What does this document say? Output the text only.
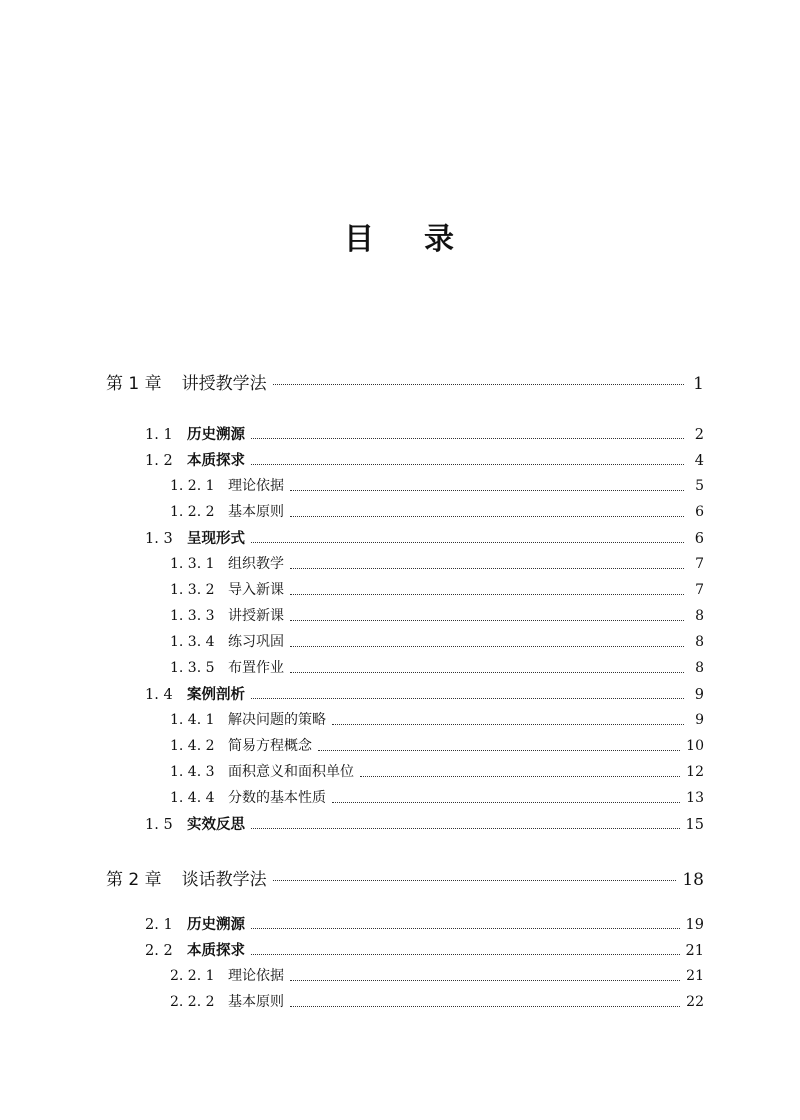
目 录
第 1 章 讲授教学法	1
1. 1 历史溯源	2
1. 2 本质探求	4
1. 2. 1 理论依据	5
1. 2. 2 基本原则	6
1. 3 呈现形式	6
1. 3. 1 组织教学	7
1. 3. 2 导入新课	7
1. 3. 3 讲授新课	8
1. 3. 4 练习巩固	8
1. 3. 5 布置作业	8
1. 4 案例剖析	9
1. 4. 1 解决问题的策略	9
1. 4. 2 简易方程概念	10
1. 4. 3 面积意义和面积单位	12
1. 4. 4 分数的基本性质	13
1. 5 实效反思	15
第 2 章 谈话教学法	18
2. 1 历史溯源	19
2. 2 本质探求	21
2. 2. 1 理论依据	21
2. 2. 2 基本原则	22
